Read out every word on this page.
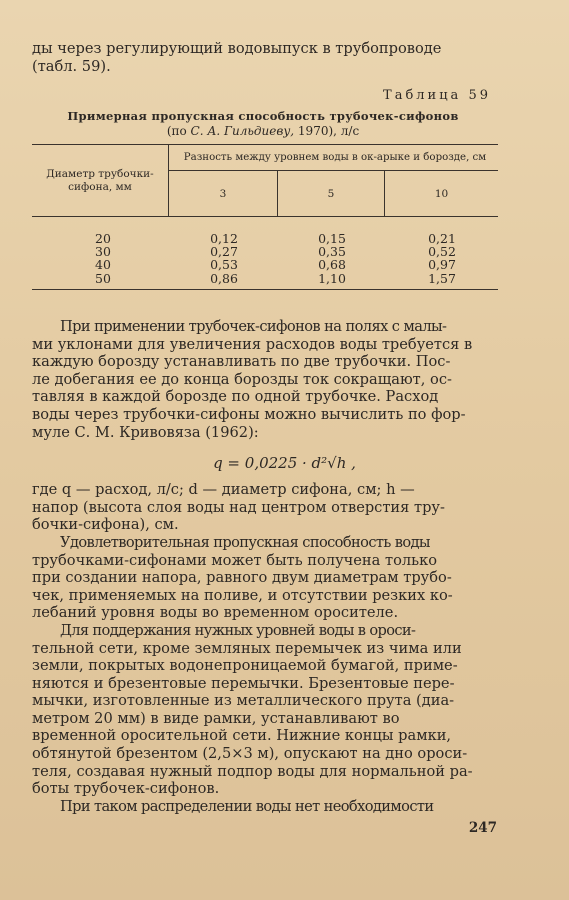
ды через регулирующий водовыпуск в трубопроводе
(табл. 59).
Таблица 59
Примерная пропускная способность трубочек-сифонов
(по С. А. Гильдиеву, 1970), л/с
Диаметр трубочки-сифона, мм
Разность между уровнем воды в ок-арыке и борозде, см
3	5	10
20
30
40
50
0,12
0,27
0,53
0,86
0,15
0,35
0,68
1,10
0,21
0,52
0,97
1,57
При применении трубочек-сифонов на полях с малы-
ми уклонами для увеличения расходов воды требуется в
каждую борозду устанавливать по две трубочки. Пос-
ле добегания ее до конца борозды ток сокращают, ос-
тавляя в каждой борозде по одной трубочке. Расход
воды через трубочки-сифоны можно вычислить по фор-
муле С. М. Кривовяза (1962):
где q — расход, л/с; d — диаметр сифона, см; h —
напор (высота слоя воды над центром отверстия тру-
бочки-сифона), см.
Удовлетворительная пропускная способность воды
трубочками-сифонами может быть получена только
при создании напора, равного двум диаметрам трубо-
чек, применяемых на поливе, и отсутствии резких ко-
лебаний уровня воды во временном оросителе.
Для поддержания нужных уровней воды в ороси-
тельной сети, кроме земляных перемычек из чима или
земли, покрытых водонепроницаемой бумагой, приме-
няются и брезентовые перемычки. Брезентовые пере-
мычки, изготовленные из металлического прута (диа-
метром 20 мм) в виде рамки, устанавливают во
временной оросительной сети. Нижние концы рамки,
обтянутой брезентом (2,5×3 м), опускают на дно ороси-
теля, создавая нужный подпор воды для нормальной ра-
боты трубочек-сифонов.
При таком распределении воды нет необходимости
q = 0,0225 · d²√h ,
247
